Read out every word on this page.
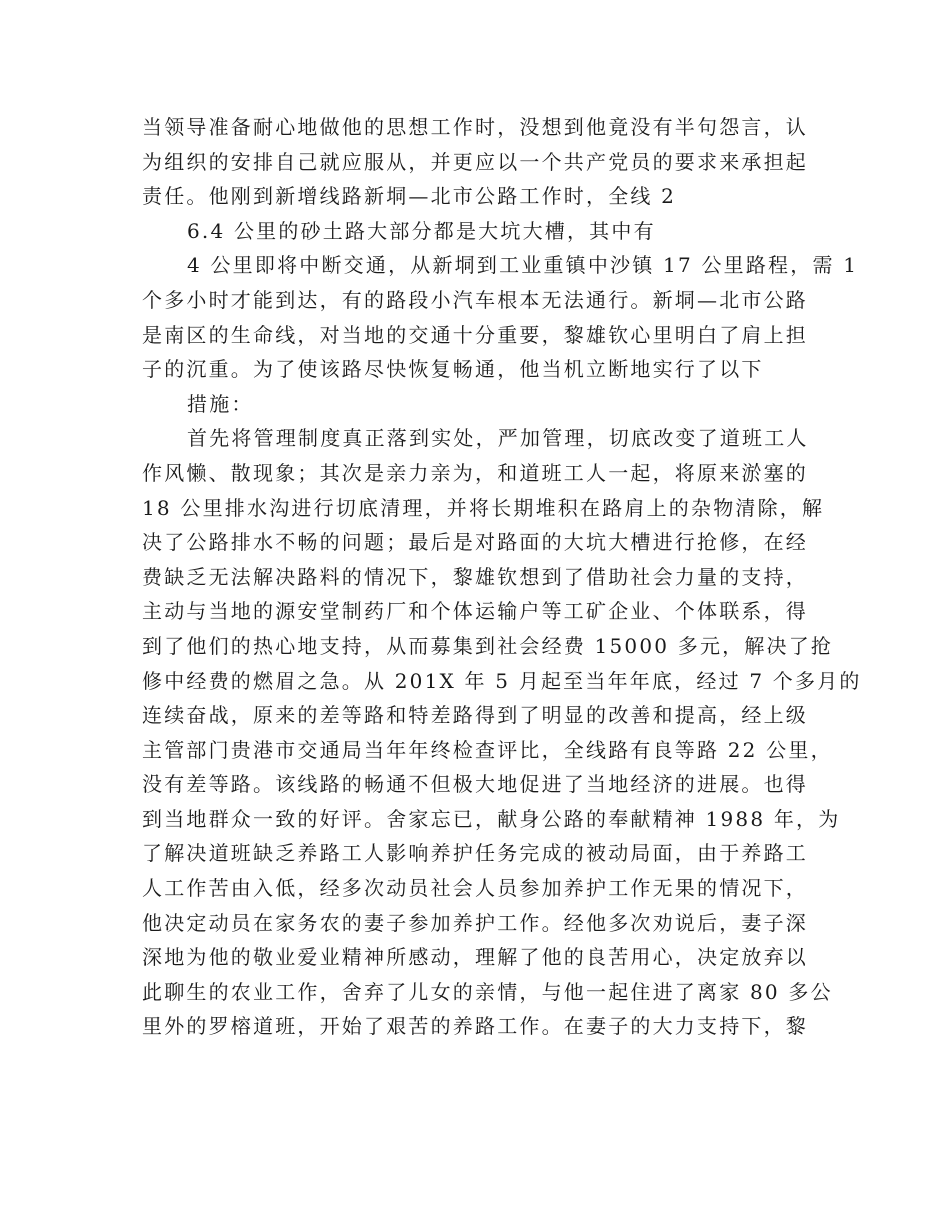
当领导准备耐心地做他的思想工作时，没想到他竟没有半句怨言，认
为组织的安排自己就应服从，并更应以一个共产党员的要求来承担起
责任。他刚到新增线路新垌—北市公路工作时，全线 2
6.4 公里的砂土路大部分都是大坑大槽，其中有
4 公里即将中断交通，从新垌到工业重镇中沙镇 17 公里路程，需 1
个多小时才能到达，有的路段小汽车根本无法通行。新垌—北市公路
是南区的生命线，对当地的交通十分重要，黎雄钦心里明白了肩上担
子的沉重。为了使该路尽快恢复畅通，他当机立断地实行了以下
措施：
首先将管理制度真正落到实处，严加管理，切底改变了道班工人
作风懒、散现象；其次是亲力亲为，和道班工人一起，将原来淤塞的
18 公里排水沟进行切底清理，并将长期堆积在路肩上的杂物清除，解
决了公路排水不畅的问题；最后是对路面的大坑大槽进行抢修，在经
费缺乏无法解决路料的情况下，黎雄钦想到了借助社会力量的支持，
主动与当地的源安堂制药厂和个体运输户等工矿企业、个体联系，得
到了他们的热心地支持，从而募集到社会经费 15000 多元，解决了抢
修中经费的燃眉之急。从 201X 年 5 月起至当年年底，经过 7 个多月的
连续奋战，原来的差等路和特差路得到了明显的改善和提高，经上级
主管部门贵港市交通局当年年终检查评比，全线路有良等路 22 公里，
没有差等路。该线路的畅通不但极大地促进了当地经济的进展。也得
到当地群众一致的好评。舍家忘已，献身公路的奉献精神 1988 年，为
了解决道班缺乏养路工人影响养护任务完成的被动局面，由于养路工
人工作苦由入低，经多次动员社会人员参加养护工作无果的情况下，
他决定动员在家务农的妻子参加养护工作。经他多次劝说后，妻子深
深地为他的敬业爱业精神所感动，理解了他的良苦用心，决定放弃以
此聊生的农业工作，舍弃了儿女的亲情，与他一起住进了离家 80 多公
里外的罗榕道班，开始了艰苦的养路工作。在妻子的大力支持下，黎
